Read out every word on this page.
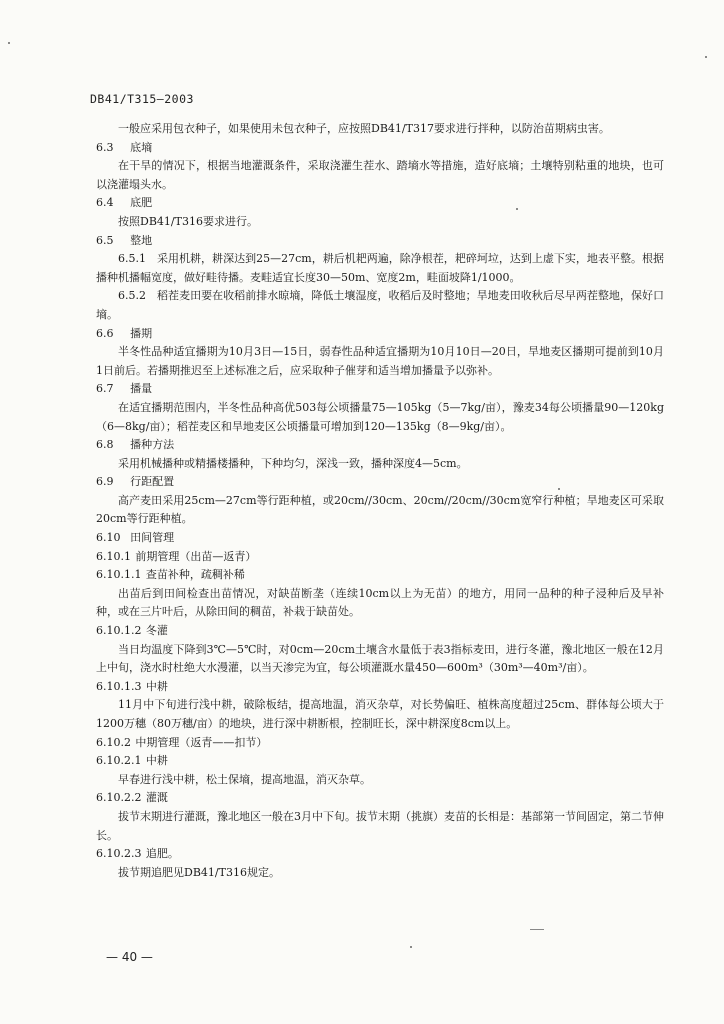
DB41/T315—2003

一般应采用包衣种子，如果使用未包衣种子，应按照DB41/T317要求进行拌种，以防治苗期病虫害。

6.3 底墒

在干旱的情况下，根据当地灌溉条件，采取浇灌生茬水、踏墒水等措施，造好底墒；土壤特别粘重的地块，也可以浇灌塌头水。

6.4 底肥

按照DB41/T316要求进行。

6.5 整地

6.5.1　采用机耕，耕深达到25—27cm，耕后机耙两遍，除净根茬，耙碎坷垃，达到上虚下实，地表平整。根据播种机播幅宽度，做好畦待播。麦畦适宜长度30—50m、宽度2m，畦面坡降1/1000。

6.5.2　稻茬麦田要在收稻前排水晾墒，降低土壤湿度，收稻后及时整地；旱地麦田收秋后尽早两茬整地，保好口墒。

6.6 播期

半冬性品种适宜播期为10月3日—15日，弱春性品种适宜播期为10月10日—20日，旱地麦区播期可提前到10月1日前后。若播期推迟至上述标准之后，应采取种子催芽和适当增加播量予以弥补。

6.7 播量

在适宜播期范围内，半冬性品种高优503每公顷播量75—105kg（5—7kg/亩），豫麦34每公顷播量90—120kg（6—8kg/亩）；稻茬麦区和旱地麦区公顷播量可增加到120—135kg（8—9kg/亩）。

6.8 播种方法

采用机械播种或精播楼播种，下种均匀，深浅一致，播种深度4—5cm。

6.9 行距配置

高产麦田采用25cm—27cm等行距种植，或20cm//30cm、20cm//20cm//30cm宽窄行种植；旱地麦区可采取20cm等行距种植。

6.10 田间管理

6.10.1 前期管理（出苗—返青）

6.10.1.1 查苗补种，疏稠补稀

出苗后到田间检查出苗情况，对缺苗断垄（连续10cm以上为无苗）的地方，用同一品种的种子浸种后及早补种，或在三片叶后，从除田间的稠苗，补栽于缺苗处。

6.10.1.2 冬灌

当日均温度下降到3℃—5℃时，对0cm—20cm土壤含水量低于表3指标麦田，进行冬灌，豫北地区一般在12月上中旬，浇水时杜绝大水漫灌，以当天渗完为宜，每公顷灌溉水量450—600m³（30m³—40m³/亩）。

6.10.1.3 中耕

11月中下旬进行浅中耕，破除板结，提高地温，消灭杂草，对长势偏旺、植株高度超过25cm、群体每公顷大于1200万穗（80万穗/亩）的地块，进行深中耕断根，控制旺长，深中耕深度8cm以上。

6.10.2 中期管理（返青——扣节）

6.10.2.1 中耕

早春进行浅中耕，松土保墒，提高地温，消灭杂草。

6.10.2.2 灌溉

拔节末期进行灌溉，豫北地区一般在3月中下旬。拔节末期（挑旗）麦苗的长相是：基部第一节间固定，第二节伸长。

6.10.2.3 追肥。

拔节期追肥见DB41/T316规定。

— 40 —
